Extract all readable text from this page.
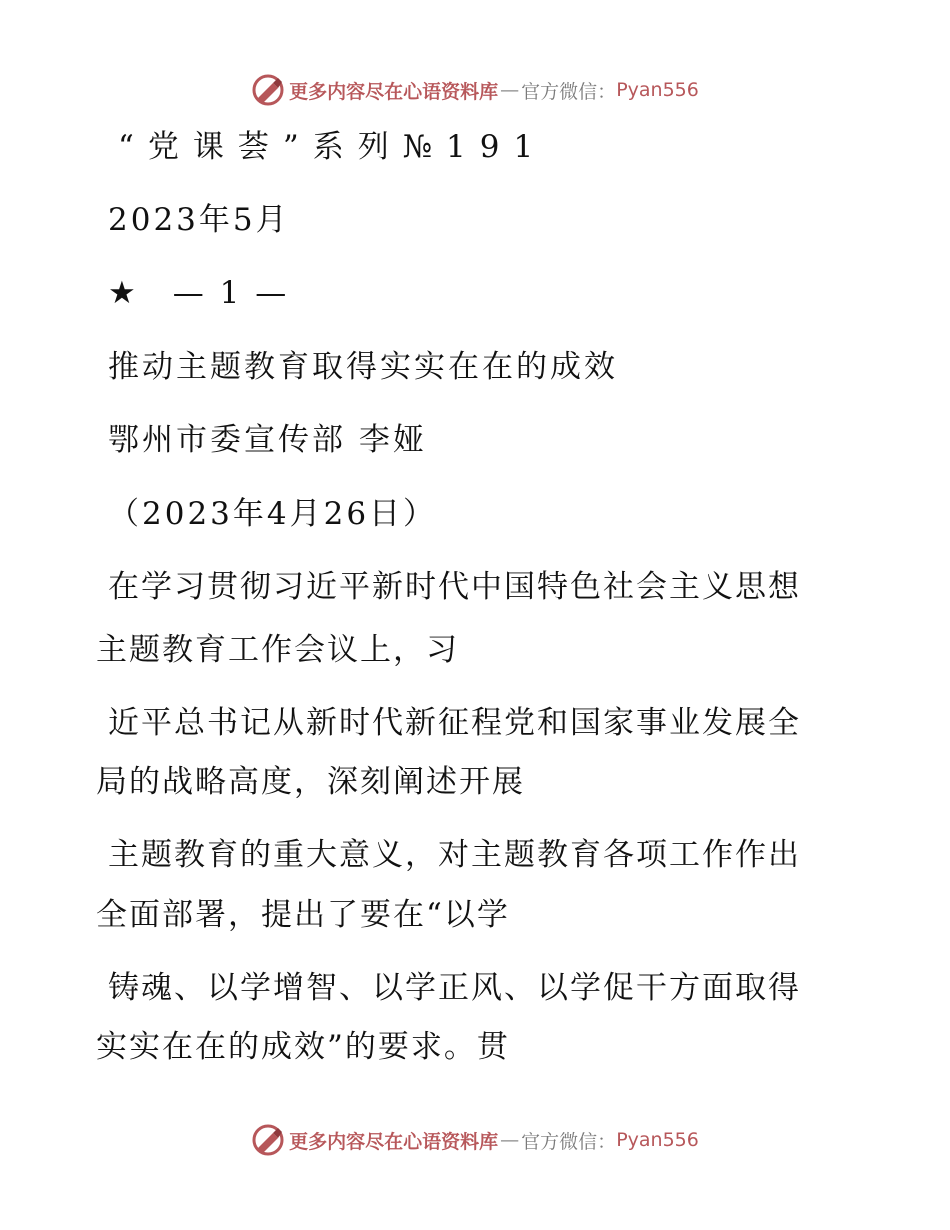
更多内容尽在心语资料库 — 官方微信： Pyan556
“党课荟”系列№191
2023年5月
★　— 1 —
推动主题教育取得实实在在的成效
鄂州市委宣传部 李娅
（2023年4月26日）
在学习贯彻习近平新时代中国特色社会主义思想
主题教育工作会议上，习
近平总书记从新时代新征程党和国家事业发展全
局的战略高度，深刻阐述开展
主题教育的重大意义，对主题教育各项工作作出
全面部署，提出了要在“以学
铸魂、以学增智、以学正风、以学促干方面取得
实实在在的成效”的要求。贯
更多内容尽在心语资料库 — 官方微信： Pyan556
